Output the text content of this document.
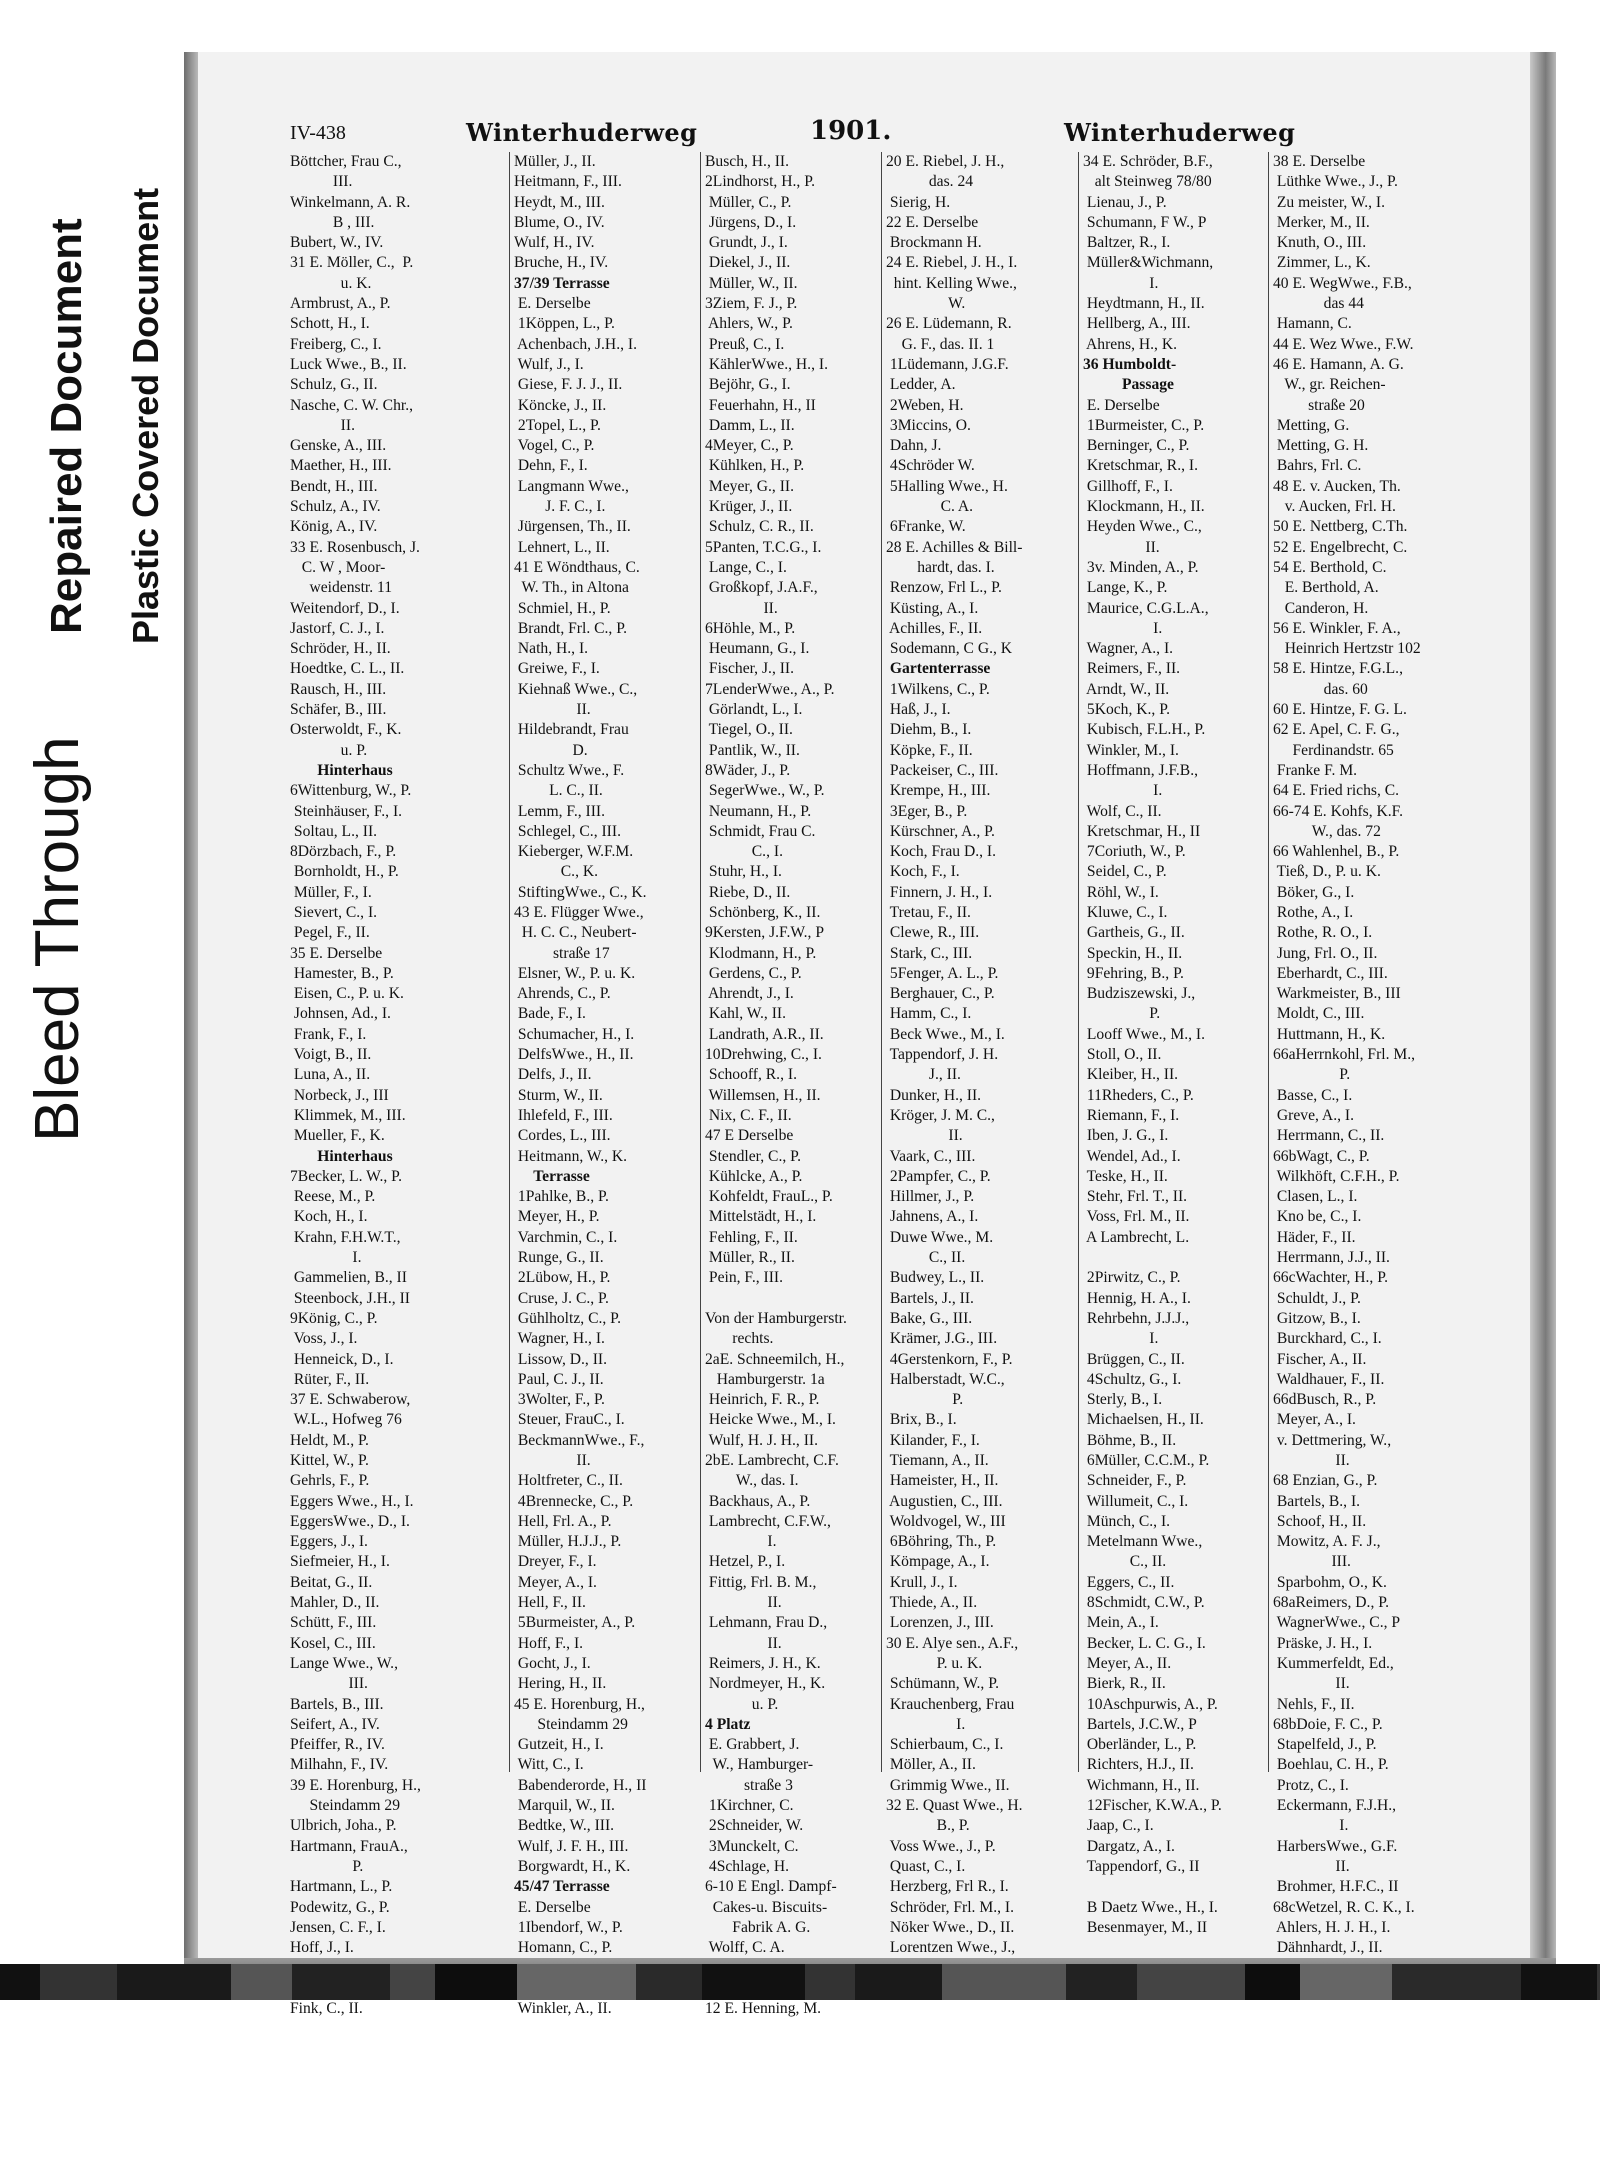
Bleed Through
Repaired Document Plastic Covered Document
IV-438	Winterhuderweg	1901.	Winterhuderweg
Böttcher, Frau C.,
III.
Winkelmann, A. R.
B , III.
Bubert, W., IV.
31 E. Möller, C.,  P.
u. K.
Armbrust, A., P.
Schott, H., I.
Freiberg, C., I.
Luck Wwe., B., II.
Schulz, G., II.
Nasche, C. W. Chr.,
II.
Genske, A., III.
Maether, H., III.
Bendt, H., III.
Schulz, A., IV.
König, A., IV.
33 E. Rosenbusch, J.
C. W , Moor-
weidenstr. 11
Weitendorf, D., I.
Jastorf, C. J., I.
Schröder, H., II.
Hoedtke, C. L., II.
Rausch, H., III.
Schäfer, B., III.
Osterwoldt, F., K.
u. P.
Hinterhaus
6Wittenburg, W., P.
Steinhäuser, F., I.
Soltau, L., II.
8Dörzbach, F., P.
Bornholdt, H., P.
Müller, F., I.
Sievert, C., I.
Pegel, F., II.
35 E. Derselbe
Hamester, B., P.
Eisen, C., P. u. K.
Johnsen, Ad., I.
Frank, F., I.
Voigt, B., II.
Luna, A., II.
Norbeck, J., III
Klimmek, M., III.
Mueller, F., K.
Hinterhaus
7Becker, L. W., P.
Reese, M., P.
Koch, H., I.
Krahn, F.H.W.T.,
I.
Gammelien, B., II
Steenbock, J.H., II
9König, C., P.
Voss, J., I.
Henneick, D., I.
Rüter, F., II.
37 E. Schwaberow,
W.L., Hofweg 76
Heldt, M., P.
Kittel, W., P.
Gehrls, F., P.
Eggers Wwe., H., I.
EggersWwe., D., I.
Eggers, J., I.
Siefmeier, H., I.
Beitat, G., II.
Mahler, D., II.
Schütt, F., III.
Kosel, C., III.
Lange Wwe., W.,
III.
Bartels, B., III.
Seifert, A., IV.
Pfeiffer, R., IV.
Milhahn, F., IV.
39 E. Horenburg, H.,
Steindamm 29
Ulbrich, Joha., P.
Hartmann, FrauA.,
P.
Hartmann, L., P.
Podewitz, G., P.
Jensen, C. F., I.
Hoff, J., I.
Fink, C., II.
Müller, J., II.
Heitmann, F., III.
Heydt, M., III.
Blume, O., IV.
Wulf, H., IV.
Bruche, H., IV.
37/39 Terrasse
E. Derselbe
1Köppen, L., P.
Achenbach, J.H., I.
Wulf, J., I.
Giese, F. J. J., II.
Köncke, J., II.
2Topel, L., P.
Vogel, C., P.
Dehn, F., I.
Langmann Wwe.,
J. F. C., I.
Jürgensen, Th., II.
Lehnert, L., II.
41 E Wöndthaus, C.
W. Th., in Altona
Schmiel, H., P.
Brandt, Frl. C., P.
Nath, H., I.
Greiwe, F., I.
Kiehnaß Wwe., C.,
II.
Hildebrandt, Frau
D.
Schultz Wwe., F.
L. C., II.
Lemm, F., III.
Schlegel, C., III.
Kieberger, W.F.M.
C., K.
StiftingWwe., C., K.
43 E. Flügger Wwe.,
H. C. C., Neubert-
straße 17
Elsner, W., P. u. K.
Ahrends, C., P.
Bade, F., I.
Schumacher, H., I.
DelfsWwe., H., II.
Delfs, J., II.
Sturm, W., II.
Ihlefeld, F., III.
Cordes, L., III.
Heitmann, W., K.
Terrasse
1Pahlke, B., P.
Meyer, H., P.
Varchmin, C., I.
Runge, G., II.
2Lübow, H., P.
Cruse, J. C., P.
Gühlholtz, C., P.
Wagner, H., I.
Lissow, D., II.
Paul, C. J., II.
3Wolter, F., P.
Steuer, FrauC., I.
BeckmannWwe., F.,
II.
Holtfreter, C., II.
4Brennecke, C., P.
Hell, Frl. A., P.
Müller, H.J.J., P.
Dreyer, F., I.
Meyer, A., I.
Hell, F., II.
5Burmeister, A., P.
Hoff, F., I.
Gocht, J., I.
Hering, H., II.
45 E. Horenburg, H.,
Steindamm 29
Gutzeit, H., I.
Witt, C., I.
Babenderorde, H., II
Marquil, W., II.
Bedtke, W., III.
Wulf, J. F. H., III.
Borgwardt, H., K.
45/47 Terrasse
E. Derselbe
1Ibendorf, W., P.
Homann, C., P.
Winkler, A., II.
Busch, H., II.
2Lindhorst, H., P.
Müller, C., P.
Jürgens, D., I.
Grundt, J., I.
Diekel, J., II.
Müller, W., II.
3Ziem, F. J., P.
Ahlers, W., P.
Preuß, C., I.
KählerWwe., H., I.
Bejöhr, G., I.
Feuerhahn, H., II
Damm, L., II.
4Meyer, C., P.
Kühlken, H., P.
Meyer, G., II.
Krüger, J., II.
Schulz, C. R., II.
5Panten, T.C.G., I.
Lange, C., I.
Großkopf, J.A.F.,
II.
6Höhle, M., P.
Heumann, G., I.
Fischer, J., II.
7LenderWwe., A., P.
Görlandt, L., I.
Tiegel, O., II.
Pantlik, W., II.
8Wäder, J., P.
SegerWwe., W., P.
Neumann, H., P.
Schmidt, Frau C.
C., I.
Stuhr, H., I.
Riebe, D., II.
Schönberg, K., II.
9Kersten, J.F.W., P
Klodmann, H., P.
Gerdens, C., P.
Ahrendt, J., I.
Kahl, W., II.
Landrath, A.R., II.
10Drehwing, C., I.
Schooff, R., I.
Willemsen, H., II.
Nix, C. F., II.
47 E Derselbe
Stendler, C., P.
Kühlcke, A., P.
Kohfeldt, FrauL., P.
Mittelstädt, H., I.
Fehling, F., II.
Müller, R., II.
Pein, F., III.
Von der Hamburgerstr.
rechts.
2aE. Schneemilch, H.,
Hamburgerstr. 1a
Heinrich, F. R., P.
Heicke Wwe., M., I.
Wulf, H. J. H., II.
2bE. Lambrecht, C.F.
W., das. I.
Backhaus, A., P.
Lambrecht, C.F.W.,
I.
Hetzel, P., I.
Fittig, Frl. B. M.,
II.
Lehmann, Frau D.,
II.
Reimers, J. H., K.
Nordmeyer, H., K.
u. P.
4 Platz
E. Grabbert, J.
W., Hamburger-
straße 3
1Kirchner, C.
2Schneider, W.
3Munckelt, C.
4Schlage, H.
6-10 E Engl. Dampf-
Cakes-u. Biscuits-
Fabrik A. G.
Wolff, C. A.
12 E. Henning, M.
20 E. Riebel, J. H.,
das. 24
Sierig, H.
22 E. Derselbe
Brockmann H.
24 E. Riebel, J. H., I.
hint. Kelling Wwe.,
W.
26 E. Lüdemann, R.
G. F., das. II. 1
1Lüdemann, J.G.F.
Ledder, A.
2Weben, H.
3Miccins, O.
Dahn, J.
4Schröder W.
5Halling Wwe., H.
C. A.
6Franke, W.
28 E. Achilles & Bill-
hardt, das. I.
Renzow, Frl L., P.
Küsting, A., I.
Achilles, F., II.
Sodemann, C G., K
Gartenterrasse
1Wilkens, C., P.
Haß, J., I.
Diehm, B., I.
Köpke, F., II.
Packeiser, C., III.
Krempe, H., III.
3Eger, B., P.
Kürschner, A., P.
Koch, Frau D., I.
Koch, F., I.
Finnern, J. H., I.
Tretau, F., II.
Clewe, R., III.
Stark, C., III.
5Fenger, A. L., P.
Berghauer, C., P.
Hamm, C., I.
Beck Wwe., M., I.
Tappendorf, J. H.
J., II.
Dunker, H., II.
Kröger, J. M. C.,
II.
Vaark, C., III.
2Pampfer, C., P.
Hillmer, J., P.
Jahnens, A., I.
Duwe Wwe., M.
C., II.
Budwey, L., II.
Bartels, J., II.
Bake, G., III.
Krämer, J.G., III.
4Gerstenkorn, F., P.
Halberstadt, W.C.,
P.
Brix, B., I.
Kilander, F., I.
Tiemann, A., II.
Hameister, H., II.
Augustien, C., III.
Woldvogel, W., III
6Böhring, Th., P.
Kömpage, A., I.
Krull, J., I.
Thiede, A., II.
Lorenzen, J., III.
30 E. Alye sen., A.F.,
P. u. K.
Schümann, W., P.
Krauchenberg, Frau
I.
Schierbaum, C., I.
Möller, A., II.
Grimmig Wwe., II.
32 E. Quast Wwe., H.
B., P.
Voss Wwe., J., P.
Quast, C., I.
Herzberg, Frl R., I.
Schröder, Frl. M., I.
Nöker Wwe., D., II.
Lorentzen Wwe., J.,
34 E. Schröder, B.F.,
alt Steinweg 78/80
Lienau, J., P.
Schumann, F W., P
Baltzer, R., I.
Müller&Wichmann,
I.
Heydtmann, H., II.
Hellberg, A., III.
Ahrens, H., K.
36 Humboldt-
Passage
E. Derselbe
1Burmeister, C., P.
Berninger, C., P.
Kretschmar, R., I.
Gillhoff, F., I.
Klockmann, H., II.
Heyden Wwe., C.,
II.
3v. Minden, A., P.
Lange, K., P.
Maurice, C.G.L.A.,
I.
Wagner, A., I.
Reimers, F., II.
Arndt, W., II.
5Koch, K., P.
Kubisch, F.L.H., P.
Winkler, M., I.
Hoffmann, J.F.B.,
I.
Wolf, C., II.
Kretschmar, H., II
7Coriuth, W., P.
Seidel, C., P.
Röhl, W., I.
Kluwe, C., I.
Gartheis, G., II.
Speckin, H., II.
9Fehring, B., P.
Budziszewski, J.,
P.
Looff Wwe., M., I.
Stoll, O., II.
Kleiber, H., II.
11Rheders, C., P.
Riemann, F., I.
Iben, J. G., I.
Wendel, Ad., I.
Teske, H., II.
Stehr, Frl. T., II.
Voss, Frl. M., II.
A Lambrecht, L.
2Pirwitz, C., P.
Hennig, H. A., I.
Rehrbehn, J.J.J.,
I.
Brüggen, C., II.
4Schultz, G., I.
Sterly, B., I.
Michaelsen, H., II.
Böhme, B., II.
6Müller, C.C.M., P.
Schneider, F., P.
Willumeit, C., I.
Münch, C., I.
Metelmann Wwe.,
C., II.
Eggers, C., II.
8Schmidt, C.W., P.
Mein, A., I.
Becker, L. C. G., I.
Meyer, A., II.
Bierk, R., II.
10Aschpurwis, A., P.
Bartels, J.C.W., P
Oberländer, L., P.
Richters, H.J., II.
Wichmann, H., II.
12Fischer, K.W.A., P.
Jaap, C., I.
Dargatz, A., I.
Tappendorf, G., II
B Daetz Wwe., H., I.
Besenmayer, M., II
38 E. Derselbe
Lüthke Wwe., J., P.
Zu meister, W., I.
Merker, M., II.
Knuth, O., III.
Zimmer, L., K.
40 E. WegWwe., F.B.,
das 44
Hamann, C.
44 E. Wez Wwe., F.W.
46 E. Hamann, A. G.
W., gr. Reichen-
straße 20
Metting, G.
Metting, G. H.
Bahrs, Frl. C.
48 E. v. Aucken, Th.
v. Aucken, Frl. H.
50 E. Nettberg, C.Th.
52 E. Engelbrecht, C.
54 E. Berthold, C.
E. Berthold, A.
Canderon, H.
56 E. Winkler, F. A.,
Heinrich Hertzstr 102
58 E. Hintze, F.G.L.,
das. 60
60 E. Hintze, F. G. L.
62 E. Apel, C. F. G.,
Ferdinandstr. 65
Franke F. M.
64 E. Fried richs, C.
66-74 E. Kohfs, K.F.
W., das. 72
66 Wahlenhel, B., P.
Tieß, D., P. u. K.
Böker, G., I.
Rothe, A., I.
Rothe, R. O., I.
Jung, Frl. O., II.
Eberhardt, C., III.
Warkmeister, B., III
Moldt, C., III.
Huttmann, H., K.
66aHerrnkohl, Frl. M.,
P.
Basse, C., I.
Greve, A., I.
Herrmann, C., II.
66bWagt, C., P.
Wilkhöft, C.F.H., P.
Clasen, L., I.
Kno be, C., I.
Häder, F., II.
Herrmann, J.J., II.
66cWachter, H., P.
Schuldt, J., P.
Gitzow, B., I.
Burckhard, C., I.
Fischer, A., II.
Waldhauer, F., II.
66dBusch, R., P.
Meyer, A., I.
v. Dettmering, W.,
II.
68 Enzian, G., P.
Bartels, B., I.
Schoof, H., II.
Mowitz, A. F. J.,
III.
Sparbohm, O., K.
68aReimers, D., P.
WagnerWwe., C., P
Präske, J. H., I.
Kummerfeldt, Ed.,
II.
Nehls, F., II.
68bDoie, F. C., P.
Stapelfeld, J., P.
Boehlau, C. H., P.
Protz, C., I.
Eckermann, F.J.H.,
I.
HarbersWwe., G.F.
II.
Brohmer, H.F.C., II
68cWetzel, R. C. K., I.
Ahlers, H. J. H., I.
Dähnhardt, J., II.
